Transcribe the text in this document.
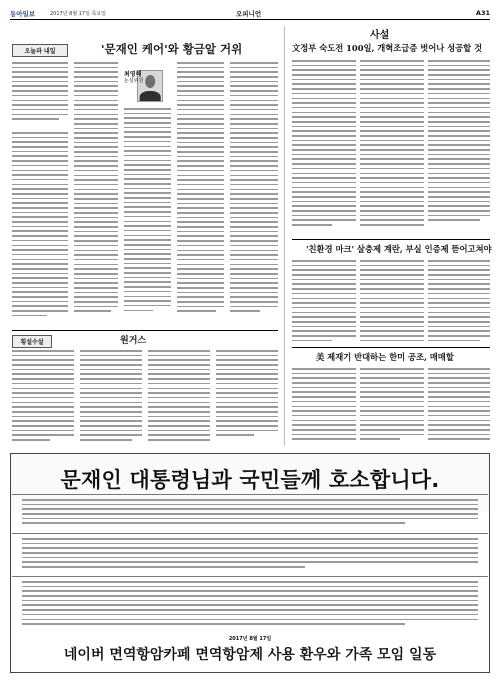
동아일보	2017년 8월 17일 목요일	오피니언	A31
오늘과 내일	'문재인 케어'와 황금알 거위
최영해
논설위원
횡설수설	원거스
사설
文정부 숙도전 100일, 개혁조급증 벗어나 성공할 것
'친환경 마크' 살충제 계란, 부실 인증제 뜯어고쳐야
美 제재기 반대하는 한미 공조, 매매할
문재인 대통령님과 국민들께 호소합니다.
2017년 8월 17일
네이버 면역항암카페 면역항암제 사용 환우와 가족 모임 일동
